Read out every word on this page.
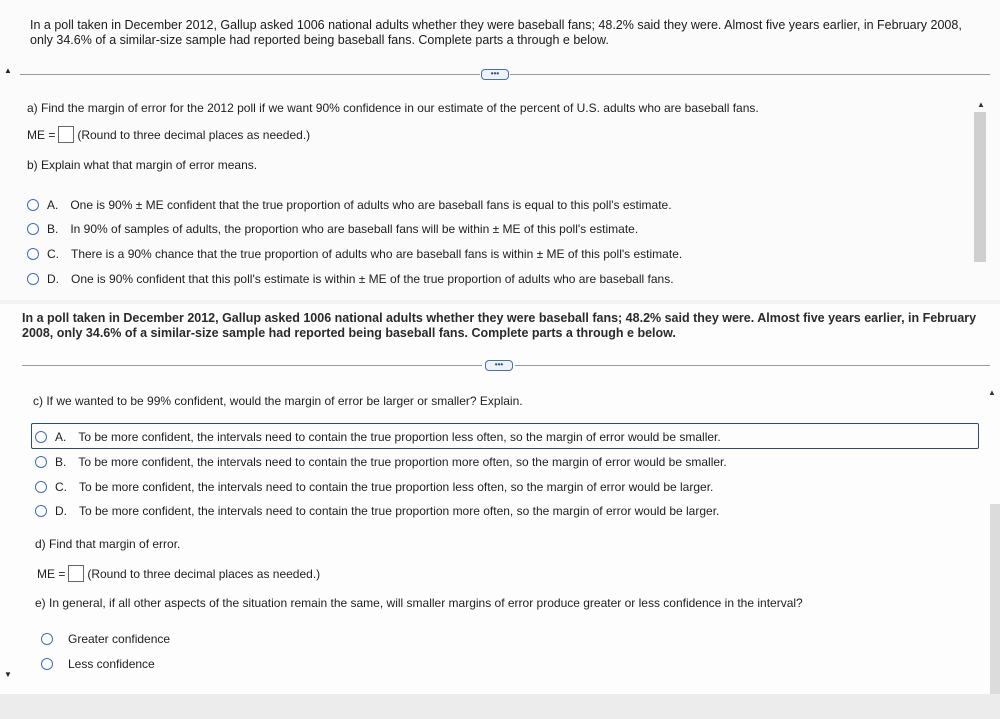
In a poll taken in December 2012, Gallup asked 1006 national adults whether they were baseball fans; 48.2% said they were. Almost five years earlier, in February 2008, only 34.6% of a similar-size sample had reported being baseball fans. Complete parts a through e below.
•••
a) Find the margin of error for the 2012 poll if we want 90% confidence in our estimate of the percent of U.S. adults who are baseball fans.
ME = (Round to three decimal places as needed.)
b) Explain what that margin of error means.
A. One is 90% ± ME confident that the true proportion of adults who are baseball fans is equal to this poll's estimate.
B. In 90% of samples of adults, the proportion who are baseball fans will be within ± ME of this poll's estimate.
C. There is a 90% chance that the true proportion of adults who are baseball fans is within ± ME of this poll's estimate.
D. One is 90% confident that this poll's estimate is within ± ME of the true proportion of adults who are baseball fans.
▲
▲
In a poll taken in December 2012, Gallup asked 1006 national adults whether they were baseball fans; 48.2% said they were. Almost five years earlier, in February 2008, only 34.6% of a similar-size sample had reported being baseball fans. Complete parts a through e below.
•••
c) If we wanted to be 99% confident, would the margin of error be larger or smaller? Explain.
A. To be more confident, the intervals need to contain the true proportion less often, so the margin of error would be smaller.
B. To be more confident, the intervals need to contain the true proportion more often, so the margin of error would be smaller.
C. To be more confident, the intervals need to contain the true proportion less often, so the margin of error would be larger.
D. To be more confident, the intervals need to contain the true proportion more often, so the margin of error would be larger.
d) Find that margin of error.
ME = (Round to three decimal places as needed.)
e) In general, if all other aspects of the situation remain the same, will smaller margins of error produce greater or less confidence in the interval?
Greater confidence
Less confidence
▲
▼
